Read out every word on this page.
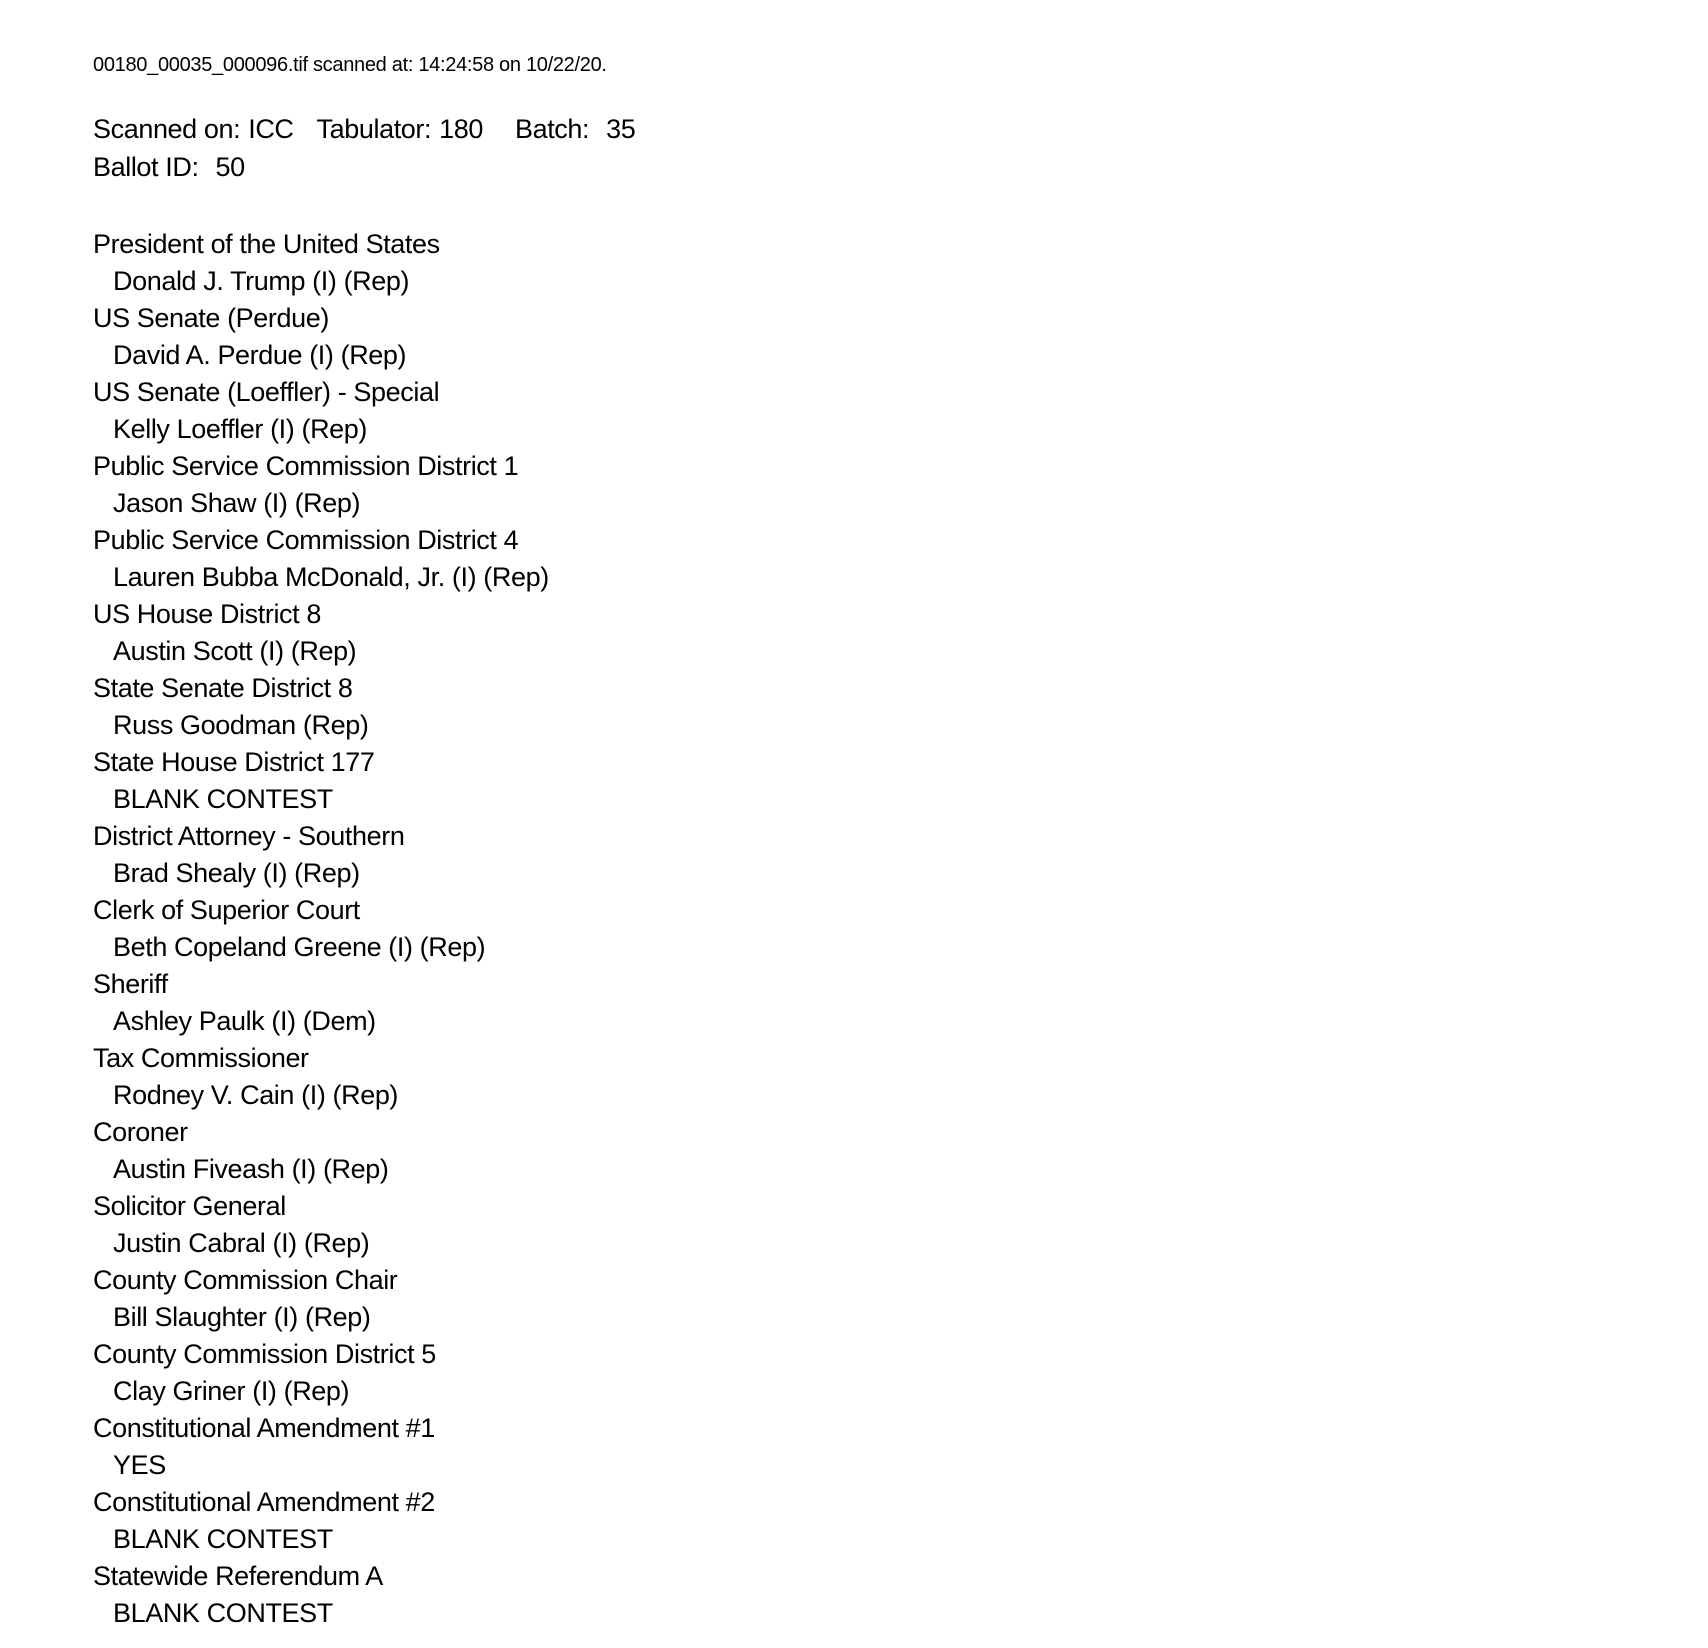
00180_00035_000096.tif scanned at: 14:24:58 on 10/22/20.
Scanned on: ICC Tabulator: 180 Batch: 35
Ballot ID: 50
President of the United States
Donald J. Trump (I) (Rep)
US Senate (Perdue)
David A. Perdue (I) (Rep)
US Senate (Loeffler) - Special
Kelly Loeffler (I) (Rep)
Public Service Commission District 1
Jason Shaw (I) (Rep)
Public Service Commission District 4
Lauren Bubba McDonald, Jr. (I) (Rep)
US House District 8
Austin Scott (I) (Rep)
State Senate District 8
Russ Goodman (Rep)
State House District 177
BLANK CONTEST
District Attorney - Southern
Brad Shealy (I) (Rep)
Clerk of Superior Court
Beth Copeland Greene (I) (Rep)
Sheriff
Ashley Paulk (I) (Dem)
Tax Commissioner
Rodney V. Cain (I) (Rep)
Coroner
Austin Fiveash (I) (Rep)
Solicitor General
Justin Cabral (I) (Rep)
County Commission Chair
Bill Slaughter (I) (Rep)
County Commission District 5
Clay Griner (I) (Rep)
Constitutional Amendment #1
YES
Constitutional Amendment #2
BLANK CONTEST
Statewide Referendum A
BLANK CONTEST
